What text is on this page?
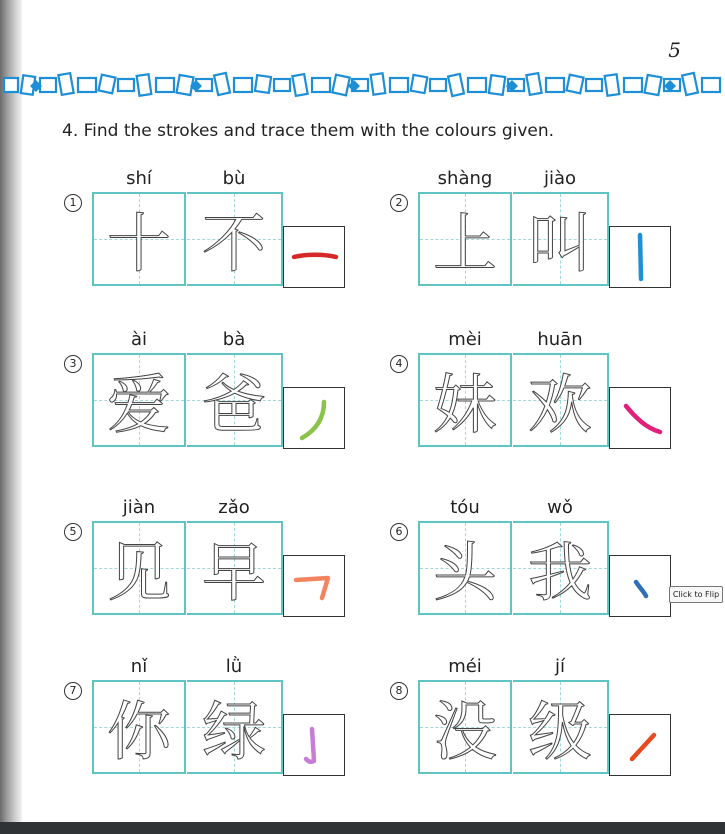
5
4. Find the strokes and trace them with the colours given.
1
shí
十
bù
不
2
shàng
上
jiào
叫
3
ài
爱
bà
爸
4
mèi
妹
huān
欢
5
jiàn
见
zǎo
早
6
tóu
头
wǒ
我
7
nǐ
你
lǜ
绿
8
méi
没
jí
级
Click to Flip
